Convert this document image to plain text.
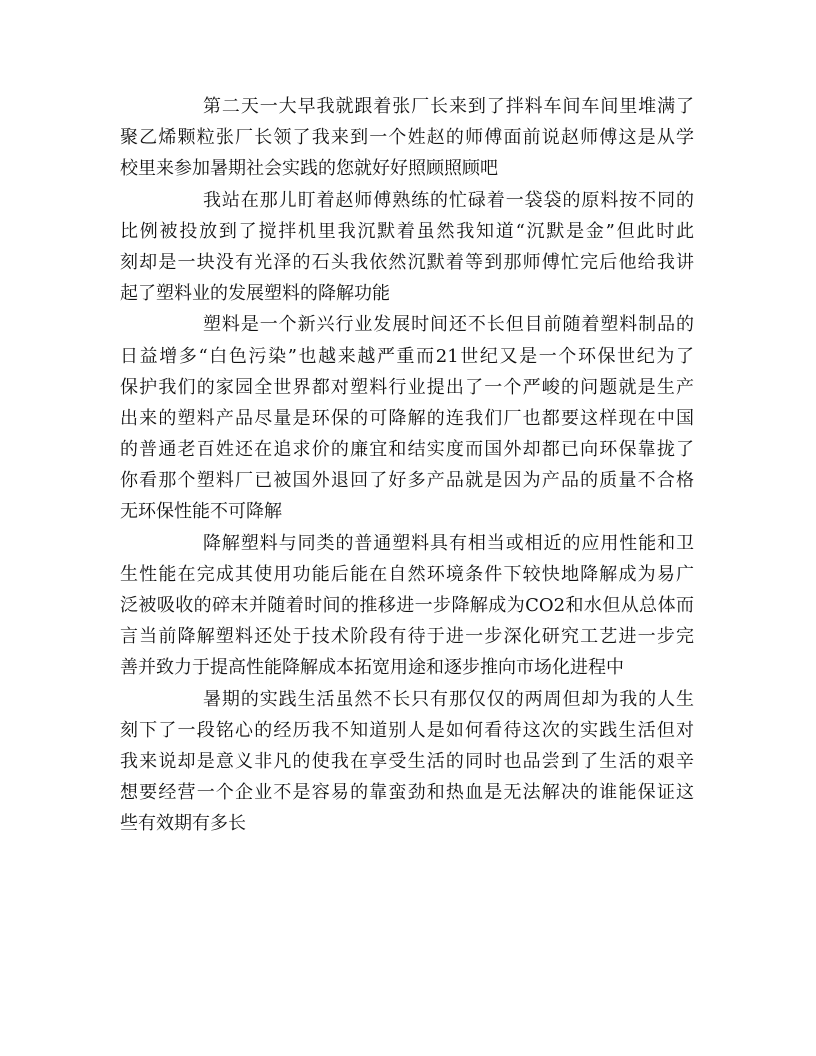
第二天一大早我就跟着张厂长来到了拌料车间车间里堆满了
聚乙烯颗粒张厂长领了我来到一个姓赵的师傅面前说赵师傅这是从学
校里来参加暑期社会实践的您就好好照顾照顾吧
我站在那儿盯着赵师傅熟练的忙碌着一袋袋的原料按不同的
比例被投放到了搅拌机里我沉默着虽然我知道“沉默是金”但此时此
刻却是一块没有光泽的石头我依然沉默着等到那师傅忙完后他给我讲
起了塑料业的发展塑料的降解功能
塑料是一个新兴行业发展时间还不长但目前随着塑料制品的
日益增多“白色污染”也越来越严重而21世纪又是一个环保世纪为了
保护我们的家园全世界都对塑料行业提出了一个严峻的问题就是生产
出来的塑料产品尽量是环保的可降解的连我们厂也都要这样现在中国
的普通老百姓还在追求价的廉宜和结实度而国外却都已向环保靠拢了
你看那个塑料厂已被国外退回了好多产品就是因为产品的质量不合格
无环保性能不可降解
降解塑料与同类的普通塑料具有相当或相近的应用性能和卫
生性能在完成其使用功能后能在自然环境条件下较快地降解成为易广
泛被吸收的碎末并随着时间的推移进一步降解成为CO2和水但从总体而
言当前降解塑料还处于技术阶段有待于进一步深化研究工艺进一步完
善并致力于提高性能降解成本拓宽用途和逐步推向市场化进程中
暑期的实践生活虽然不长只有那仅仅的两周但却为我的人生
刻下了一段铭心的经历我不知道别人是如何看待这次的实践生活但对
我来说却是意义非凡的使我在享受生活的同时也品尝到了生活的艰辛
想要经营一个企业不是容易的靠蛮劲和热血是无法解决的谁能保证这
些有效期有多长
